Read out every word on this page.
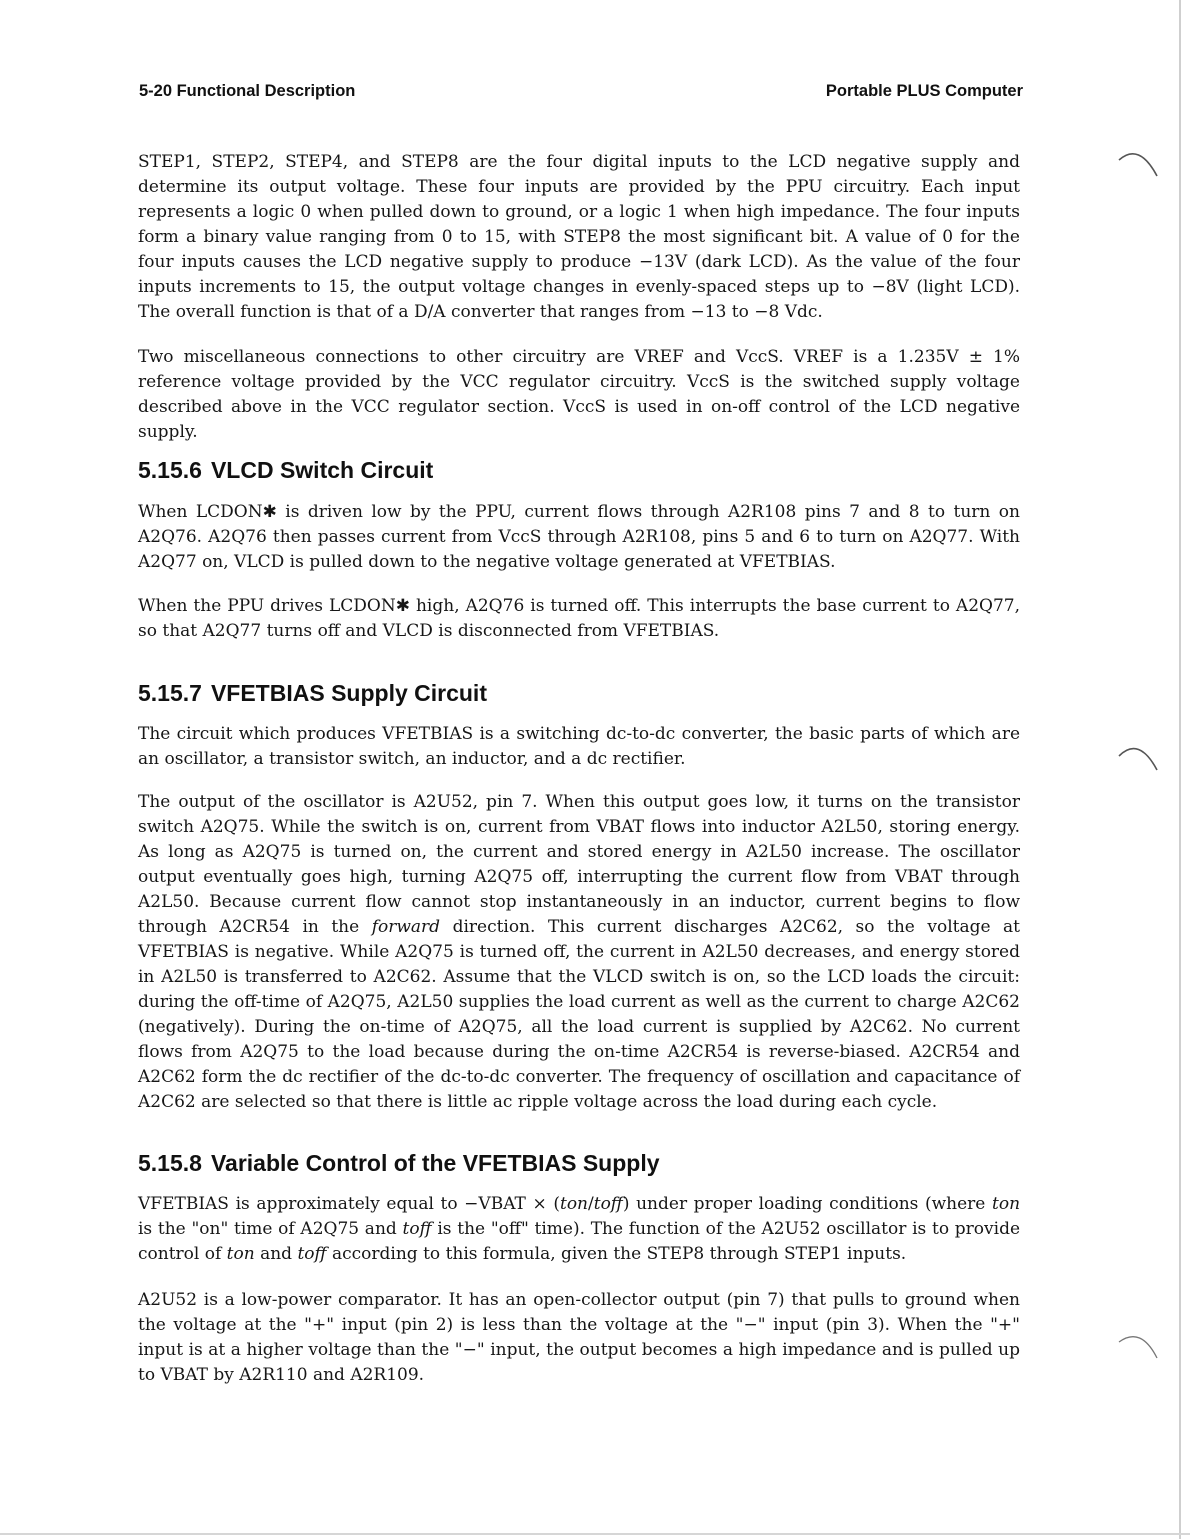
5-20 Functional Description	Portable PLUS Computer

STEP1, STEP2, STEP4, and STEP8 are the four digital inputs to the LCD negative supply and determine its output voltage. These four inputs are provided by the PPU circuitry. Each input represents a logic 0 when pulled down to ground, or a logic 1 when high impedance. The four inputs form a binary value ranging from 0 to 15, with STEP8 the most significant bit. A value of 0 for the four inputs causes the LCD negative supply to produce −13V (dark LCD). As the value of the four inputs increments to 15, the output voltage changes in evenly-spaced steps up to −8V (light LCD). The overall function is that of a D/A converter that ranges from −13 to −8 Vdc.

Two miscellaneous connections to other circuitry are VREF and VccS. VREF is a 1.235V ± 1% reference voltage provided by the VCC regulator circuitry. VccS is the switched supply voltage described above in the VCC regulator section. VccS is used in on-off control of the LCD negative supply.

5.15.6 VLCD Switch Circuit

When LCDON✱ is driven low by the PPU, current flows through A2R108 pins 7 and 8 to turn on A2Q76. A2Q76 then passes current from VccS through A2R108, pins 5 and 6 to turn on A2Q77. With A2Q77 on, VLCD is pulled down to the negative voltage generated at VFETBIAS.

When the PPU drives LCDON✱ high, A2Q76 is turned off. This interrupts the base current to A2Q77, so that A2Q77 turns off and VLCD is disconnected from VFETBIAS.

5.15.7 VFETBIAS Supply Circuit

The circuit which produces VFETBIAS is a switching dc-to-dc converter, the basic parts of which are an oscillator, a transistor switch, an inductor, and a dc rectifier.

The output of the oscillator is A2U52, pin 7. When this output goes low, it turns on the transistor switch A2Q75. While the switch is on, current from VBAT flows into inductor A2L50, storing energy. As long as A2Q75 is turned on, the current and stored energy in A2L50 increase. The oscillator output eventually goes high, turning A2Q75 off, interrupting the current flow from VBAT through A2L50. Because current flow cannot stop instantaneously in an inductor, current begins to flow through A2CR54 in the forward direction. This current discharges A2C62, so the voltage at VFETBIAS is negative. While A2Q75 is turned off, the current in A2L50 decreases, and energy stored in A2L50 is transferred to A2C62. Assume that the VLCD switch is on, so the LCD loads the circuit: during the off-time of A2Q75, A2L50 supplies the load current as well as the current to charge A2C62 (negatively). During the on-time of A2Q75, all the load current is supplied by A2C62. No current flows from A2Q75 to the load because during the on-time A2CR54 is reverse-biased. A2CR54 and A2C62 form the dc rectifier of the dc-to-dc converter. The frequency of oscillation and capacitance of A2C62 are selected so that there is little ac ripple voltage across the load during each cycle.

5.15.8 Variable Control of the VFETBIAS Supply

VFETBIAS is approximately equal to −VBAT × (ton/toff) under proper loading conditions (where ton is the "on" time of A2Q75 and toff is the "off" time). The function of the A2U52 oscillator is to provide control of ton and toff according to this formula, given the STEP8 through STEP1 inputs.

A2U52 is a low-power comparator. It has an open-collector output (pin 7) that pulls to ground when the voltage at the "+" input (pin 2) is less than the voltage at the "−" input (pin 3). When the "+" input is at a higher voltage than the "−" input, the output becomes a high impedance and is pulled up to VBAT by A2R110 and A2R109.
